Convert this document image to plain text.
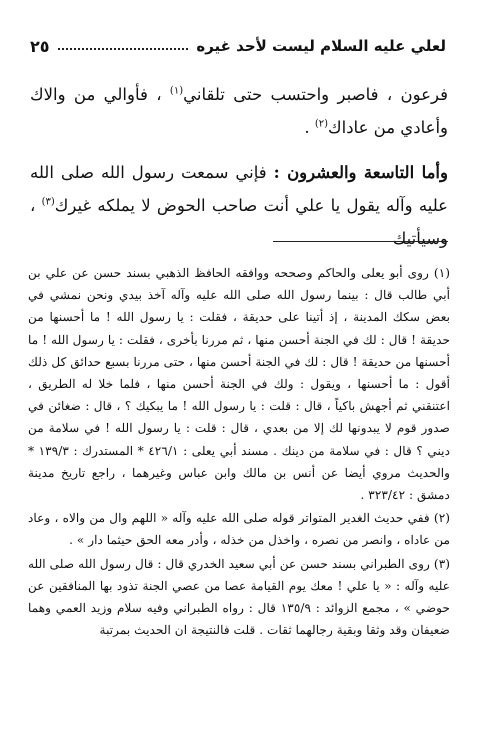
لعلي عليه السلام ليست لأحد غيره
٢٥

فرعون ، فاصبر واحتسب حتى تلقاني$^{(١)}$ ، فأوالي من والاك وأعادي من عاداك$^{(٢)}$ .

وأما التاسعة والعشرون : فإني سمعت رسول الله صلى الله عليه وآله يقول يا علي أنت صاحب الحوض لا يملكه غيرك$^{(٣)}$ ، وسيأتيك

(١) روى أبو يعلى والحاكم وصححه ووافقه الحافظ الذهبي بسند حسن عن علي بن أبي طالب قال : بينما رسول الله صلى الله عليه وآله آخذ بيدي ونحن نمشي في بعض سكك المدينة ، إذ أتينا على حديقة ، فقلت : يا رسول الله ! ما أحسنها من حديقة ! قال : لك في الجنة أحسن منها ، ثم مررنا بأخرى ، فقلت : يا رسول الله ! ما أحسنها من حديقة ! قال : لك في الجنة أحسن منها ، حتى مررنا بسبع حدائق كل ذلك أقول : ما أحسنها ، ويقول : ولك في الجنة أحسن منها ، فلما خلا له الطريق ، اعتنقني ثم أجهش باكياً ، قال : قلت : يا رسول الله ! ما يبكيك ؟ ، قال : ضغائن في صدور قوم لا يبدونها لك إلا من بعدي ، قال : قلت : يا رسول الله ! في سلامة من ديني ؟ قال : في سلامة من دينك . مسند أبي يعلى : ٤٢٦/١ * المستدرك : ١٣٩/٣ * والحديث مروي أيضا عن أنس بن مالك وابن عباس وغيرهما ، راجع تاريخ مدينة دمشق : ٣٢٣/٤٢ .

(٢) ففي حديث الغدير المتواتر قوله صلى الله عليه وآله « اللهم وال من والاه ، وعاد من عاداه ، وانصر من نصره ، واخذل من خذله ، وأدر معه الحق حيثما دار » .

(٣) روى الطبراني بسند حسن عن أبي سعيد الخدري قال : قال رسول الله صلى الله عليه وآله : « يا علي ! معك يوم القيامة عصا من عصي الجنة تذود بها المنافقين عن حوضي » ، مجمع الزوائد : ١٣٥/٩ قال : رواه الطبراني وفيه سلام وزيد العمي وهما ضعيفان وقد وثقا وبقية رجالهما ثقات . قلت فالنتيجة ان الحديث بمرتبة
